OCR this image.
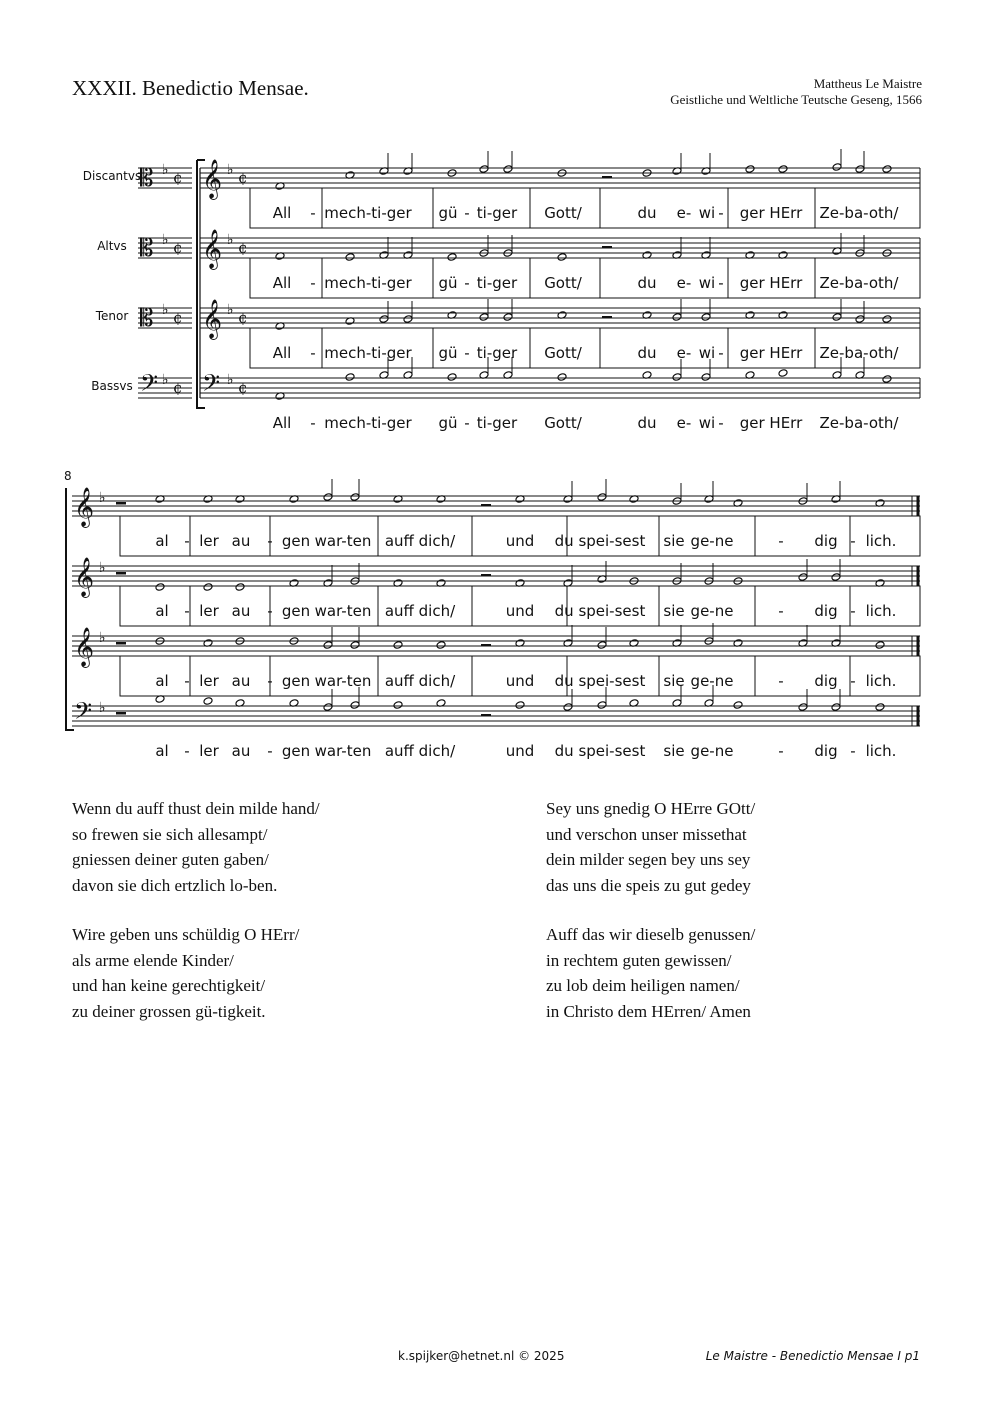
XXXII. Benedictio Mensae.	Mattheus Le Maistre
Geistliche und Weltliche Teutsche Geseng, 1566
Discantvs
Altvs
Tenor
Bassvs
𝄡 ♭ ¢
𝄡 ♭ ¢
𝄡 ♭ ¢
𝄢 ♭ ¢
𝄞 ♭ ¢
𝄞 ♭ ¢
𝄞 ♭ ¢
𝄢 ♭ ¢
𝄞 ♭
𝄞 ♭
𝄞 ♭
𝄢 ♭
All - mech-ti-ger gü - ti-ger Gott/	du e- wi - ger HErr Ze-ba-oth/
All - mech-ti-ger gü - ti-ger Gott/	du e- wi - ger HErr Ze-ba-oth/
All - mech-ti-ger gü - ti-ger Gott/	du e- wi - ger HErr Ze-ba-oth/
All - mech-ti-ger gü - ti-ger Gott/	du e- wi - ger HErr Ze-ba-oth/
8
al - ler au - gen war-ten auff dich/	und du spei-sest sie ge-ne	- dig - lich.
al - ler au - gen war-ten auff dich/	und du spei-sest sie ge-ne	- dig - lich.
al - ler au - gen war-ten auff dich/	und du spei-sest sie ge-ne	- dig - lich.
al - ler au - gen war-ten auff dich/	und du spei-sest sie ge-ne	- dig - lich.
Wenn du auff thust dein milde hand/
so frewen sie sich allesampt/
gniessen deiner guten gaben/
davon sie dich ertzlich lo-ben.
Sey uns gnedig O HErre GOtt/
und verschon unser missethat
dein milder segen bey uns sey
das uns die speis zu gut gedey
Wire geben uns schüldig O HErr/
als arme elende Kinder/
und han keine gerechtigkeit/
zu deiner grossen gü-tigkeit.
Auff das wir dieselb genussen/
in rechtem guten gewissen/
zu lob deim heiligen namen/
in Christo dem HErren/ Amen
k.spijker@hetnet.nl © 2025	Le Maistre - Benedictio Mensae I p1
